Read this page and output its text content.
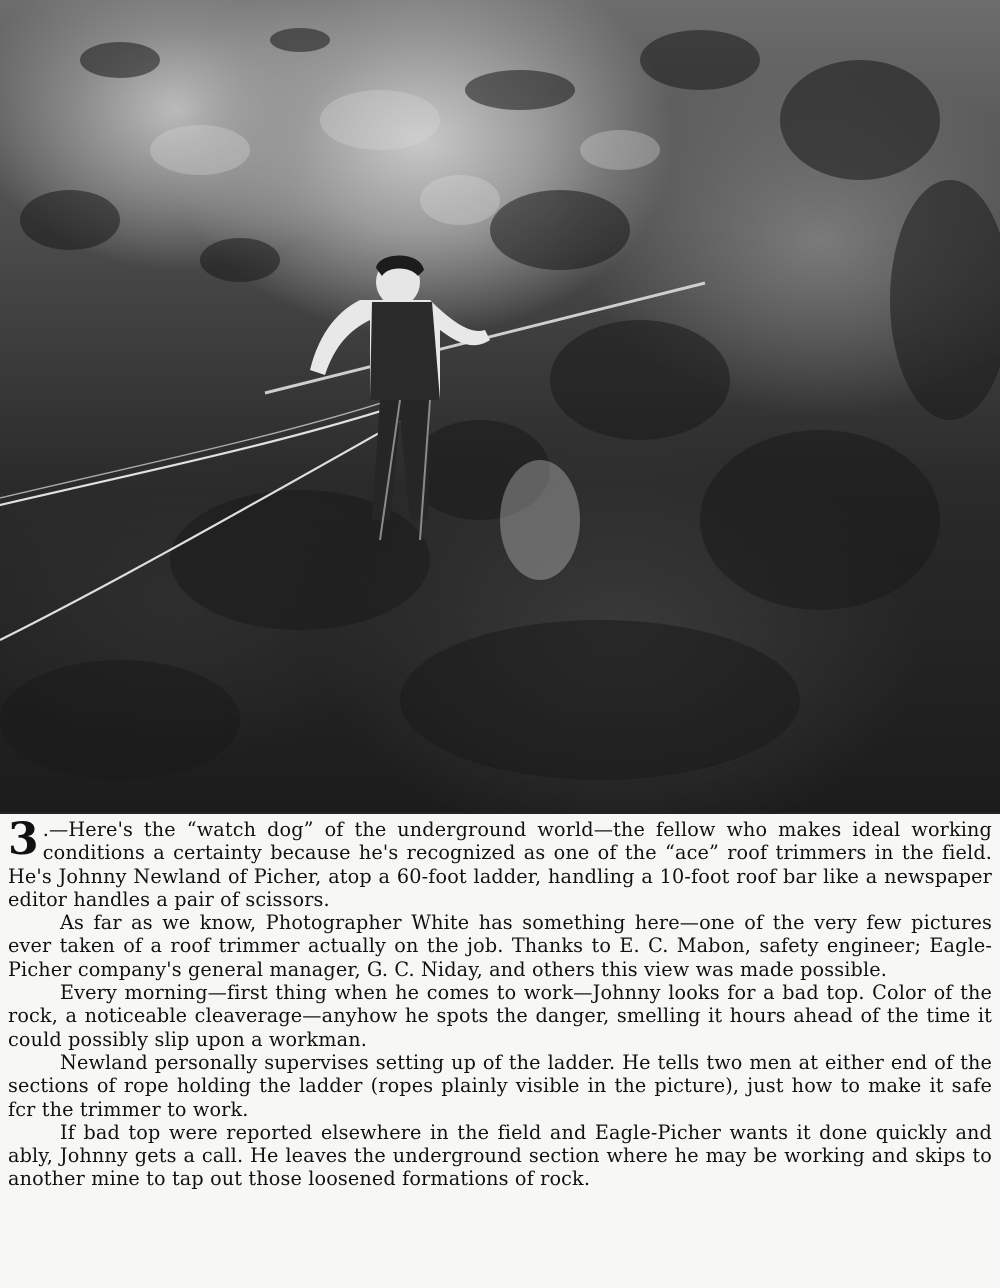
3 .—Here's the “watch dog” of the underground world—the fellow who makes ideal working conditions a certainty because he's recognized as one of the “ace” roof trimmers in the field. He's Johnny Newland of Picher, atop a 60-foot ladder, handling a 10-foot roof bar like a newspaper editor handles a pair of scissors.

As far as we know, Photographer White has something here—one of the very few pictures ever taken of a roof trimmer actually on the job. Thanks to E. C. Mabon, safety engineer; Eagle-Picher company's general manager, G. C. Niday, and others this view was made possible.

Every morning—first thing when he comes to work—Johnny looks for a bad top. Color of the rock, a noticeable cleaverage—anyhow he spots the danger, smelling it hours ahead of the time it could possibly slip upon a workman.

Newland personally supervises setting up of the ladder. He tells two men at either end of the sections of rope holding the ladder (ropes plainly visible in the picture), just how to make it safe fcr the trimmer to work.

If bad top were reported elsewhere in the field and Eagle-Picher wants it done quickly and ably, Johnny gets a call. He leaves the underground section where he may be working and skips to another mine to tap out those loosened formations of rock.
